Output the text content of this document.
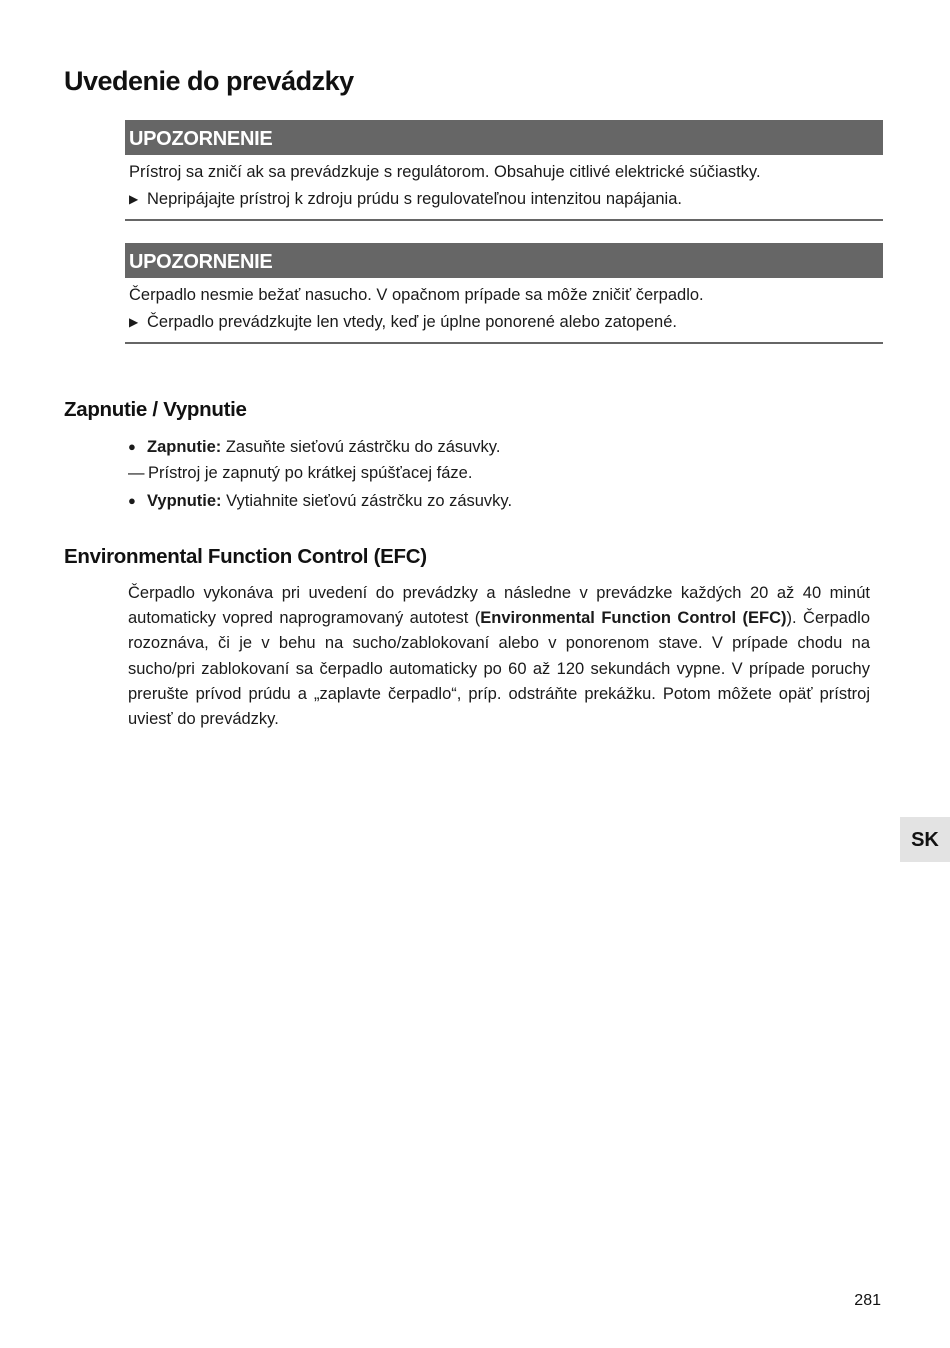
Uvedenie do prevádzky
UPOZORNENIE
Prístroj sa zničí ak sa prevádzkuje s regulátorom. Obsahuje citlivé elektrické súčiastky.
▶ Nepripájajte prístroj k zdroju prúdu s regulovateľnou intenzitou napájania.
UPOZORNENIE
Čerpadlo nesmie bežať nasucho. V opačnom prípade sa môže zničiť čerpadlo.
▶ Čerpadlo prevádzkujte len vtedy, keď je úplne ponorené alebo zatopené.
Zapnutie / Vypnutie
● Zapnutie: Zasuňte sieťovú zástrčku do zásuvky.
— Prístroj je zapnutý po krátkej spúšťacej fáze.
● Vypnutie: Vytiahnite sieťovú zástrčku zo zásuvky.
Environmental Function Control (EFC)

Čerpadlo vykonáva pri uvedení do prevádzky a následne v prevádzke každých 20 až 40 minút automaticky vopred naprogramovaný autotest (Environmental Function Control (EFC)). Čerpadlo rozoznáva, či je v behu na sucho/zablokovaní alebo v ponorenom stave. V prípade chodu na sucho/pri zablokovaní sa čerpadlo automaticky po 60 až 120 sekundách vypne. V prípade poruchy prerušte prívod prúdu a „zaplavte čerpadlo“, príp. odstráňte prekážku. Potom môžete opäť prístroj uviesť do prevádzky.

SK
281
